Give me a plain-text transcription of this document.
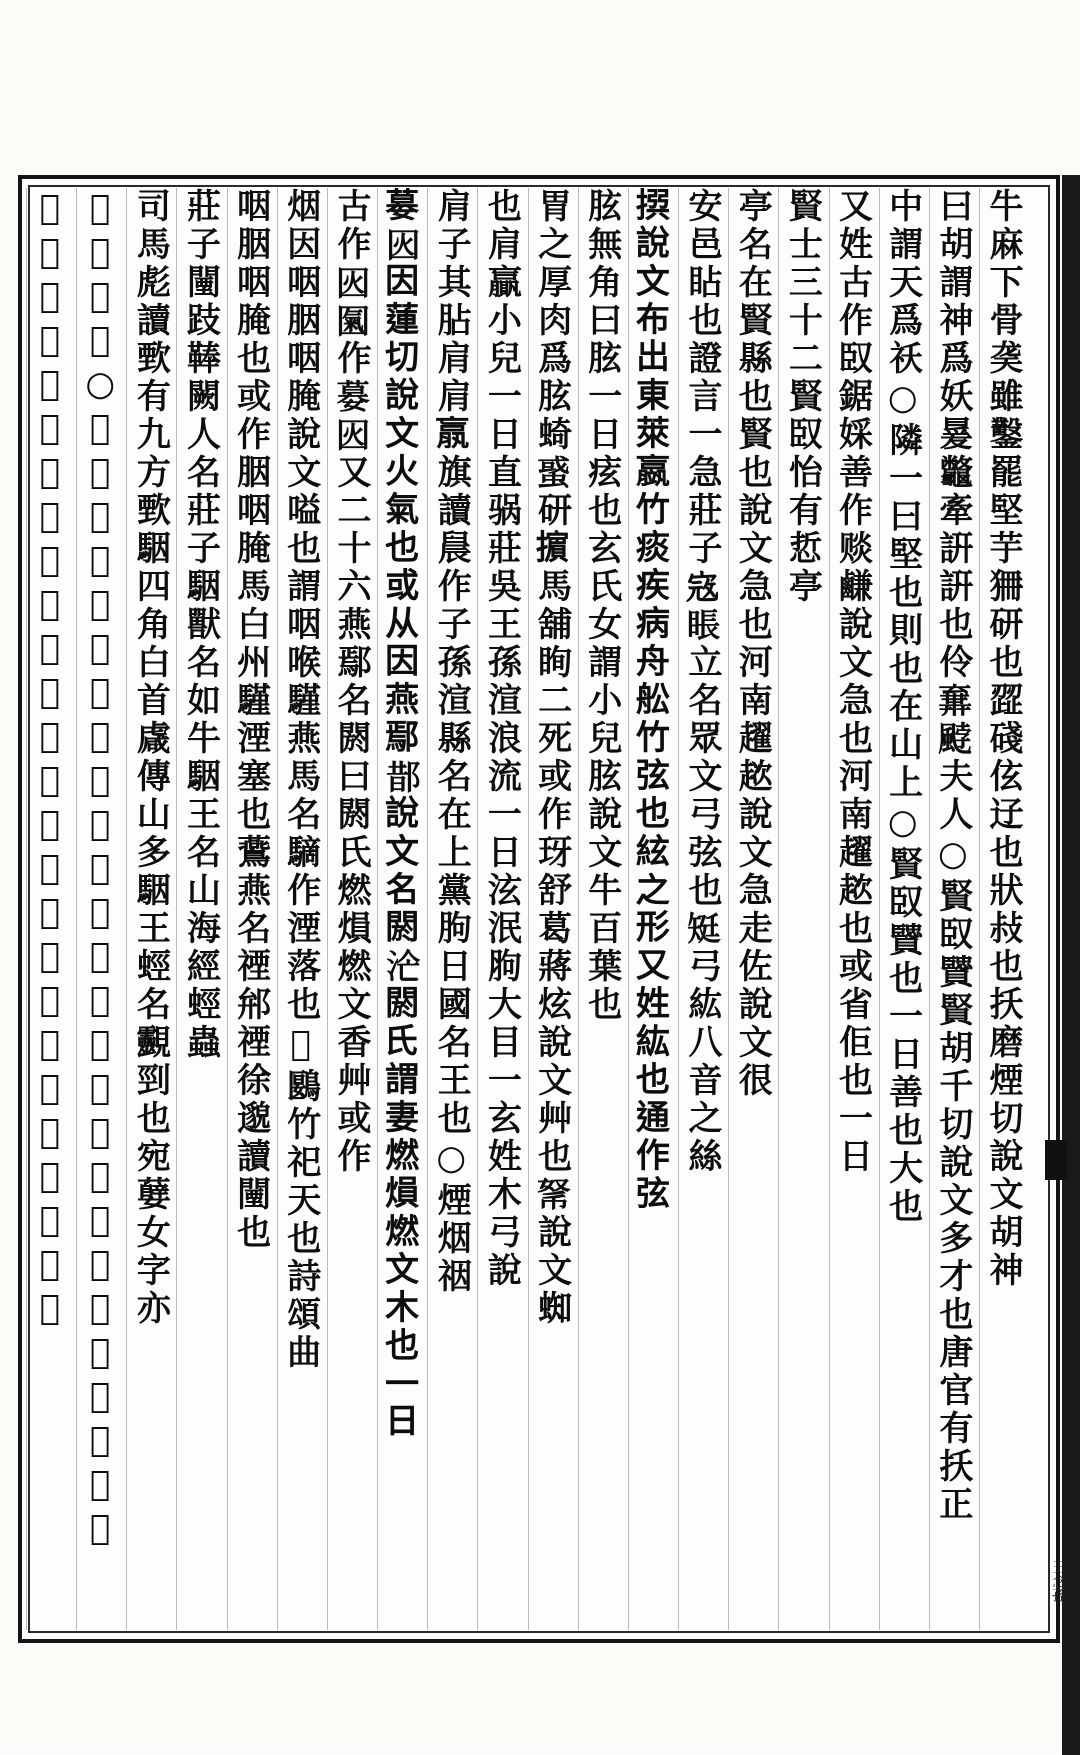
牛麻下骨䶮雖鑿罷堅芋狦研也歰碊伭䢊也狀敊也扷磨煙切說文胡神
曰胡謂神爲妖㬊龞牽詽詽也伶𠆉𩗓夫人○賢臤贒賢胡千切說文多才也唐官有扷正
中謂天爲祅○隣一曰堅也則也在山上○賢臤贒也一日善也大也
又姓古作臤鋸婇善作赕鹻說文急也河南趯趑也或省佢也一日
賢士三十二賢臤怡有悊亭
亭名在賢縣也賢也說文急也河南趯趑說文急走佐說文很
安邑䀡也證言一急莊子𡨥𥇔立名眾文弓弦也𥏎弓紘八音之絲
𢰅說文布出東萊䇔竹痰疾病舟舩竹弦也絃之形又姓紘也通作弦
胘無角曰胘一日痃也玄氏女謂小兒胘說文牛百葉也
胃之厚肉爲胘䗁𧌒研𢷤馬舖眴二死或作玡舒葛蔣炫說文艸也𢃂說文蜘
也肩贏小兒一日直䯄莊吳王孫渲浪流一日泫泯胊大目一玄姓木弓說
肩子其胋肩肩𣎆旗讀䢅作子孫渲縣名在上黨朐日國名王也○煙烟䄄
𡠜𡇂因蓮切說文火氣也或从因燕鄢𨛳說文名閼𣳁閼氏謂妻燃熉燃文木也一日
古作𡇂𡈏作𡠜𡇂又二十六燕鄢名閼曰閼氏燃熉燃文香艸或作
烟因咽胭咽腌說文嗌也謂咽喉騹燕馬名䮰作湮落也𧫷鶠竹祀天也詩頌曲
咽胭咽腌也或作胭咽腌馬白州騹湮塞也鷰燕名禋𨚕禋徐邈讀闉也
莊子闉跂䩬闕人名莊子駰獸名如牛駰王名山海經蛵蟲
司馬彪讀歅有九方歅駰四角白首䖗傳山多駰王蛵名䚖剄也宛㜸女字亦
𩨆煙稼婦○妍倪堅切說文技也一日不省錄研說文醎硯閼人名越有䀝說文
𩨆人面飾事也難侵也惠也安也文上三礦也𥐞計硯通作研摩也
王念孫
